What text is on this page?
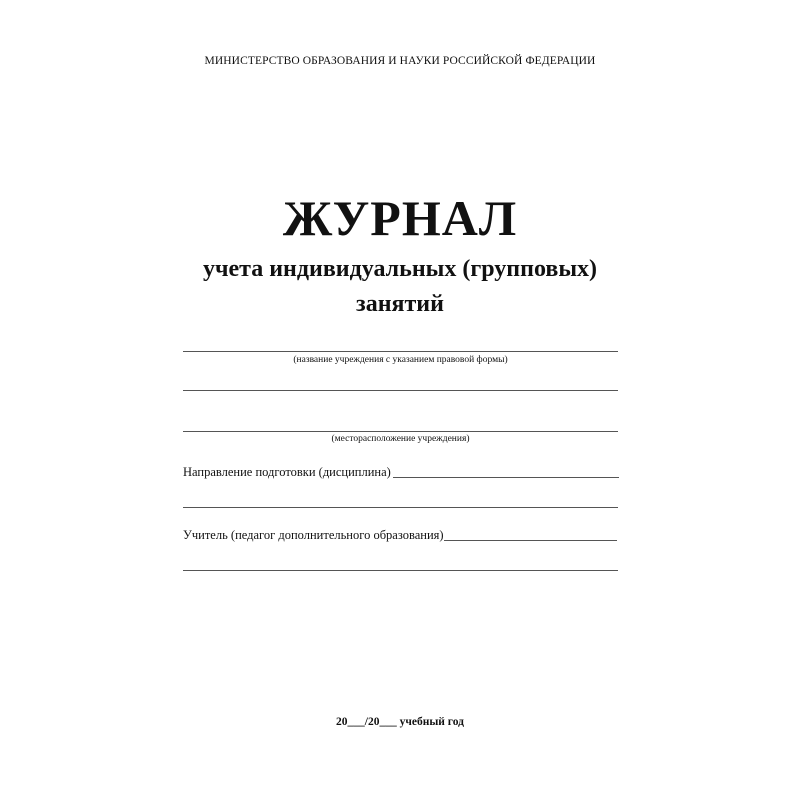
МИНИСТЕРСТВО ОБРАЗОВАНИЯ И НАУКИ РОССИЙСКОЙ ФЕДЕРАЦИИ
ЖУРНАЛ
учета индивидуальных (групповых)
занятий
(название учреждения с указанием правовой формы)
(месторасположение учреждения)
Направление подготовки (дисциплина)
Учитель (педагог дополнительного образования)
20___/20___ учебный год
